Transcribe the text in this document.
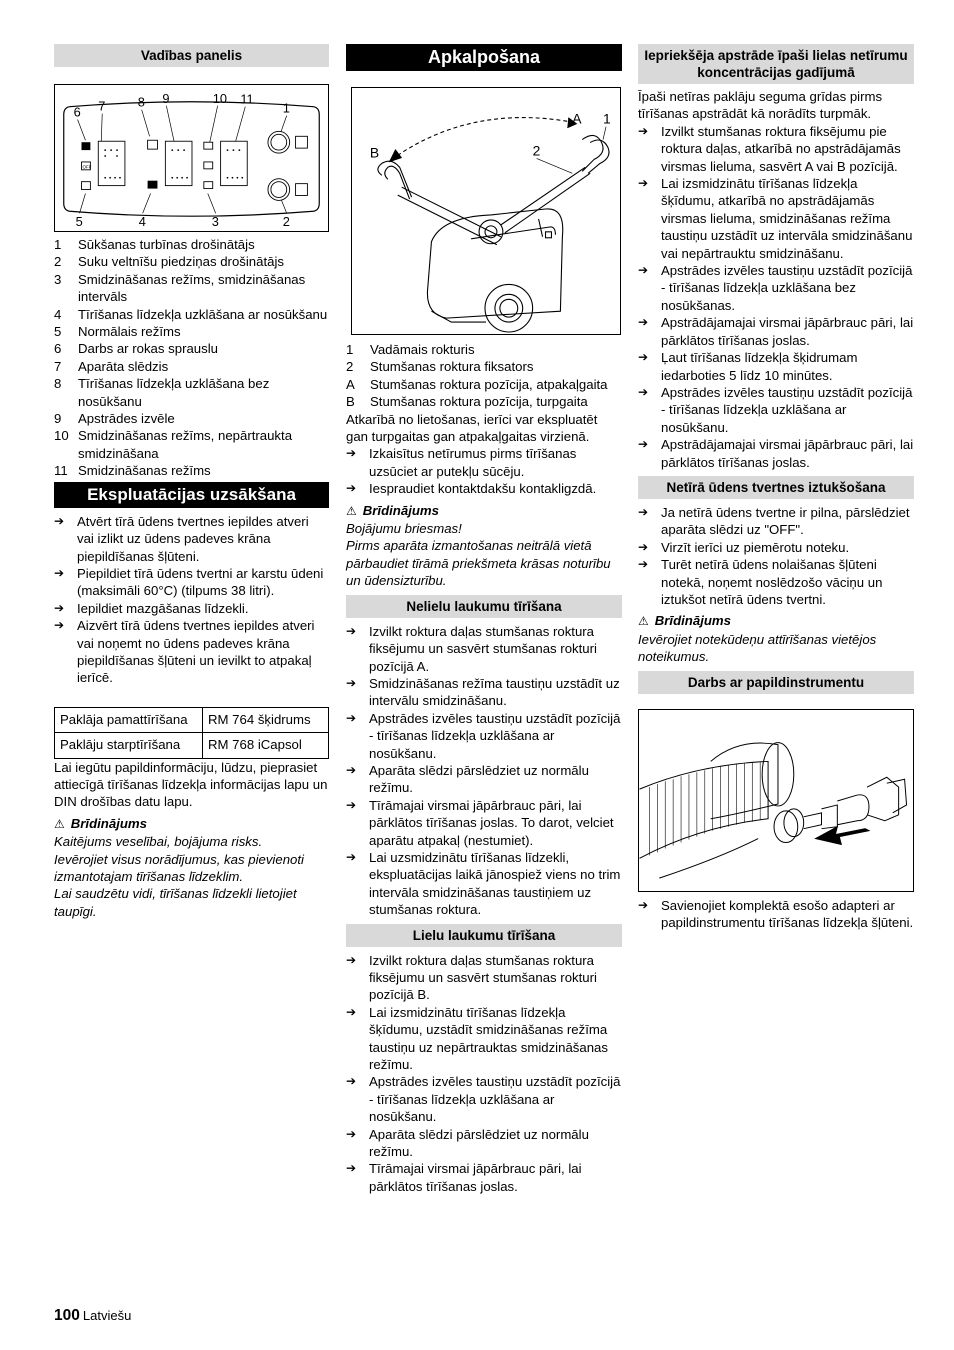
Vadības panelis
6 7 8 9	10 11
1
5	4	3	2
OFF
1 Sūkšanas turbīnas drošinātājs
2 Suku veltnīšu piedziņas drošinātājs
3 Smidzināšanas režīms, smidzināšanas intervāls
4 Tīrīšanas līdzekļa uzklāšana ar nosūkšanu
5 Normālais režīms
6 Darbs ar rokas sprauslu
7 Aparāta slēdzis
8 Tīrīšanas līdzekļa uzklāšana bez nosūkšanu
9 Apstrādes izvēle
10 Smidzināšanas režīms, nepārtraukta smidzināšana
11 Smidzināšanas režīms
Ekspluatācijas uzsākšana
➔ Atvērt tīrā ūdens tvertnes iepildes atveri vai izlikt uz ūdens padeves krāna piepildīšanas šļūteni.
➔ Piepildiet tīrā ūdens tvertni ar karstu ūdeni (maksimāli 60°C) (tilpums 38 litri).
➔ Iepildiet mazgāšanas līdzekli.
➔ Aizvērt tīrā ūdens tvertnes iepildes atveri vai noņemt no ūdens padeves krāna piepildīšanas šļūteni un ievilkt to atpakaļ ierīcē.
Paklāja pamattīrīšana	RM 764 šķidrums
Paklāju starptīrīšana	RM 768 iCapsol

Lai iegūtu papildinformāciju, lūdzu, pieprasiet attiecīgā tīrīšanas līdzekļa informācijas lapu un DIN drošības datu lapu.

⚠ Brīdinājums

Kaitējums veselībai, bojājuma risks.

Ievērojiet visus norādījumus, kas pievienoti izmantotajam tīrīšanas līdzeklim.

Lai saudzētu vidi, tīrīšanas līdzekli lietojiet taupīgi.

Apkalpošana
A 1
B	2
1 Vadāmais rokturis
2 Stumšanas roktura fiksators
A Stumšanas roktura pozīcija, atpakaļgaita
B Stumšanas roktura pozīcija, turpgaita

Atkarībā no lietošanas, ierīci var ekspluatēt gan turpgaitas gan atpakaļgaitas virzienā.

➔ Izkaisītus netīrumus pirms tīrīšanas uzsūciet ar putekļu sūcēju.
➔ Iespraudiet kontaktdakšu kontakligzdā.
⚠ Brīdinājums

Bojājumu briesmas!

Pirms aparāta izmantošanas neitrālā vietā pārbaudiet tīrāmā priekšmeta krāsas noturību un ūdensizturību.

Nelielu laukumu tīrīšana
➔ Izvilkt roktura daļas stumšanas roktura fiksējumu un sasvērt stumšanas rokturi pozīcijā A.
➔ Smidzināšanas režīma taustiņu uzstādīt uz intervālu smidzināšanu.
➔ Apstrādes izvēles taustiņu uzstādīt pozīcijā - tīrīšanas līdzekļa uzklāšana ar nosūkšanu.
➔ Aparāta slēdzi pārslēdziet uz normālu režīmu.
➔ Tīrāmajai virsmai jāpārbrauc pāri, lai pārklātos tīrīšanas joslas. To darot, velciet aparātu atpakaļ (nestumiet).
➔ Lai uzsmidzinātu tīrīšanas līdzekli, ekspluatācijas laikā jānospiež viens no trim intervāla smidzināšanas taustiņiem uz stumšanas roktura.
Lielu laukumu tīrīšana
➔ Izvilkt roktura daļas stumšanas roktura fiksējumu un sasvērt stumšanas rokturi pozīcijā B.
➔ Lai izsmidzinātu tīrīšanas līdzekļa šķīdumu, uzstādīt smidzināšanas režīma taustiņu uz nepārtrauktas smidzināšanas režīmu.
➔ Apstrādes izvēles taustiņu uzstādīt pozīcijā - tīrīšanas līdzekļa uzklāšana ar nosūkšanu.
➔ Aparāta slēdzi pārslēdziet uz normālu režīmu.
➔ Tīrāmajai virsmai jāpārbrauc pāri, lai pārklātos tīrīšanas joslas.
Iepriekšēja apstrāde īpaši lielas netīrumu koncentrācijas gadījumā

Īpaši netīras paklāju seguma grīdas pirms tīrīšanas apstrādāt kā norādīts turpmāk.

➔ Izvilkt stumšanas roktura fiksējumu pie roktura daļas, atkarībā no apstrādājamās virsmas lieluma, sasvērt A vai B pozīcijā.
➔ Lai izsmidzinātu tīrīšanas līdzekļa šķīdumu, atkarībā no apstrādājamās virsmas lieluma, smidzināšanas režīma taustiņu uzstādīt uz intervāla smidzināšanu vai nepārtrauktu smidzināšanu.
➔ Apstrādes izvēles taustiņu uzstādīt pozīcijā - tīrīšanas līdzekļa uzklāšana bez nosūkšanas.
➔ Apstrādājamajai virsmai jāpārbrauc pāri, lai pārklātos tīrīšanas joslas.
➔ Ļaut tīrīšanas līdzekļa šķidrumam iedarboties 5 līdz 10 minūtes.
➔ Apstrādes izvēles taustiņu uzstādīt pozīcijā - tīrīšanas līdzekļa uzklāšana ar nosūkšanu.
➔ Apstrādājamajai virsmai jāpārbrauc pāri, lai pārklātos tīrīšanas joslas.
Netīrā ūdens tvertnes iztukšošana
➔ Ja netīrā ūdens tvertne ir pilna, pārslēdziet aparāta slēdzi uz "OFF".
➔ Virzīt ierīci uz piemērotu noteku.
➔ Turēt netīrā ūdens nolaišanas šļūteni notekā, noņemt noslēdzošo vāciņu un iztukšot netīrā ūdens tvertni.
⚠ Brīdinājums

Ievērojiet notekūdeņu attīrīšanas vietējos noteikumus.

Darbs ar papildinstrumentu
➔ Savienojiet komplektā esošo adapteri ar papildinstrumentu tīrīšanas līdzekļa šļūteni.
100 Latviešu
